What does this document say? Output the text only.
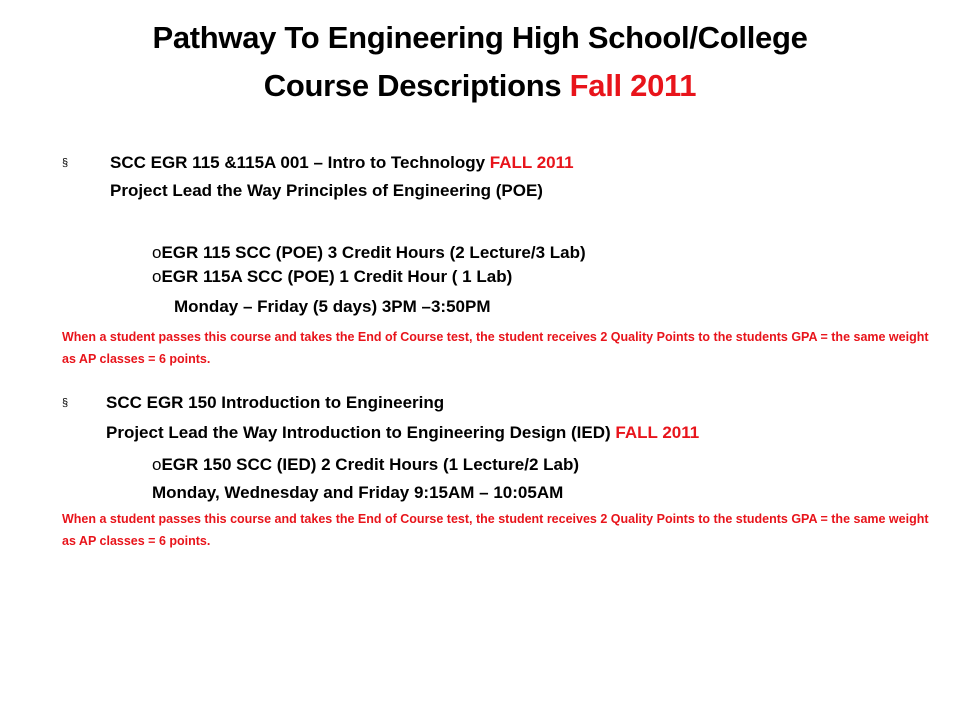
Pathway To Engineering High School/College
Course Descriptions Fall 2011
§ SCC EGR 115 &115A 001 – Intro to Technology FALL 2011
Project Lead the Way Principles of Engineering (POE)
oEGR 115 SCC (POE) 3 Credit Hours (2 Lecture/3 Lab)
oEGR 115A SCC (POE) 1 Credit Hour ( 1 Lab)
Monday – Friday (5 days) 3PM –3:50PM
When a student passes this course and takes the End of Course test, the student receives 2 Quality Points to the students GPA = the same weight as AP classes = 6 points.
§ SCC EGR 150 Introduction to Engineering
Project Lead the Way Introduction to Engineering Design (IED) FALL 2011
oEGR 150 SCC (IED) 2 Credit Hours (1 Lecture/2 Lab)
Monday, Wednesday and Friday 9:15AM – 10:05AM
When a student passes this course and takes the End of Course test, the student receives 2 Quality Points to the students GPA = the same weight as AP classes = 6 points.
